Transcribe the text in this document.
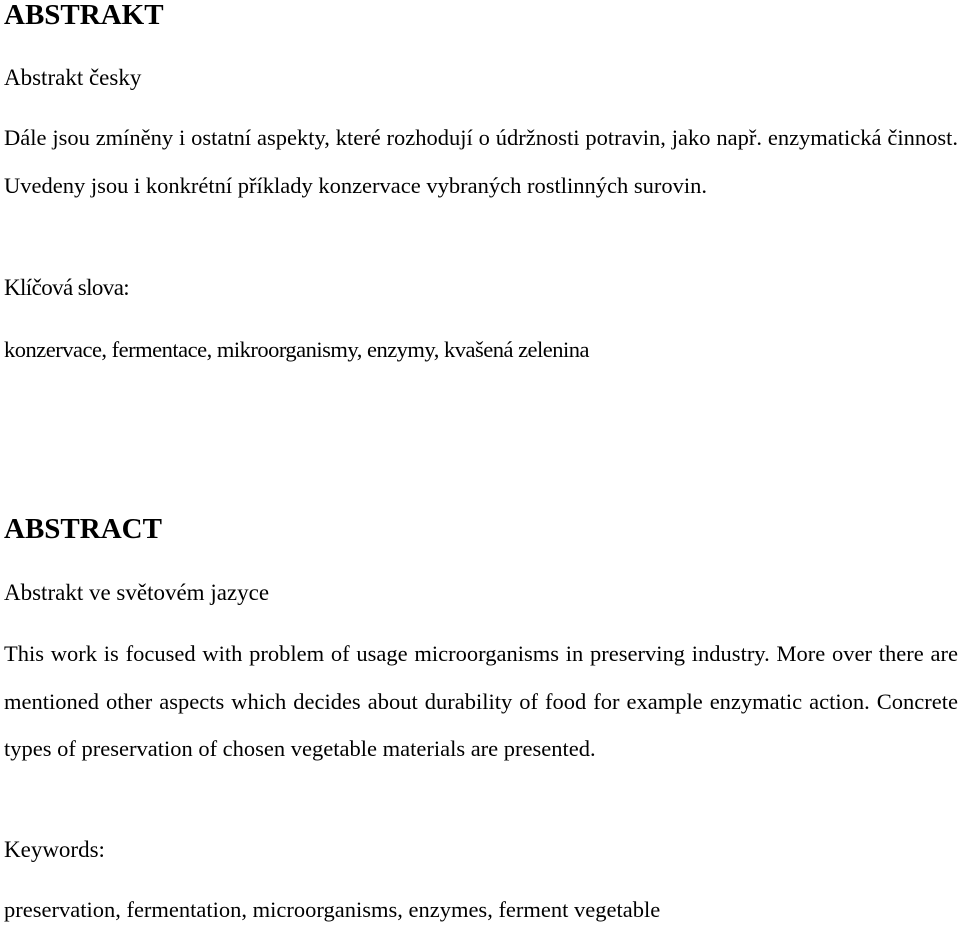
ABSTRAKT

Abstrakt česky

Dále jsou zmíněny i ostatní aspekty, které rozhodují o údržnosti potravin, jako např. enzymatická činnost. Uvedeny jsou i konkrétní příklady konzervace vybraných rostlinných surovin.

Klíčová slova:

konzervace, fermentace, mikroorganismy, enzymy, kvašená zelenina

ABSTRACT

Abstrakt ve světovém jazyce

This work is focused with problem of usage microorganisms in preserving industry. More over there are mentioned other aspects which decides about durability of food for example enzymatic action. Concrete types of preservation of chosen vegetable materials are presented.

Keywords:

preservation, fermentation, microorganisms, enzymes, ferment vegetable
